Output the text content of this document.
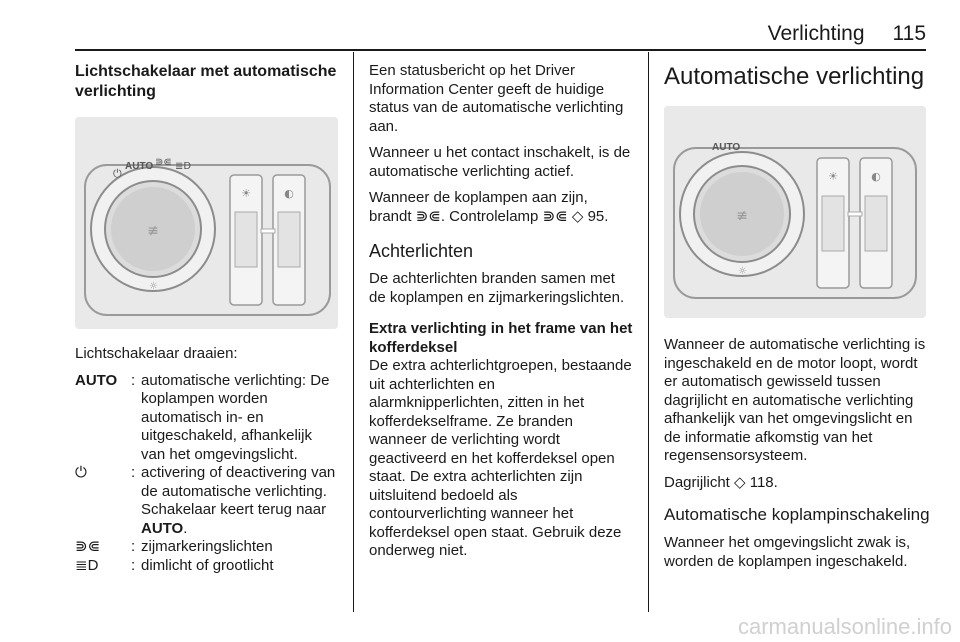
Verlichting 115
Lichtschakelaar met automatische verlichting
≢
⏻
AUTO ⋑⋐ ≣D
☼
☀	◐

Lichtschakelaar draaien:

AUTO : automatische verlichting: De koplampen worden automatisch in- en uitgeschakeld, afhankelijk van het omgevingslicht.
⏻	: activering of deactivering van de automatische verlichting. Schakelaar keert terug naar AUTO.
⋑⋐	: zijmarkeringslichten
≣D	: dimlicht of grootlicht

Een statusbericht op het Driver Information Center geeft de huidige status van de automatische verlichting aan.

Wanneer u het contact inschakelt, is de automatische verlichting actief.

Wanneer de koplampen aan zijn, brandt ⋑⋐. Controlelamp ⋑⋐ ◇ 95.

Achterlichten

De achterlichten branden samen met de koplampen en zijmarkeringslichten.

Extra verlichting in het frame van het kofferdeksel

De extra achterlichtgroepen, bestaande uit achterlichten en alarmknipperlichten, zitten in het kofferdekselframe. Ze branden wanneer de verlichting wordt geactiveerd en het kofferdeksel open staat. De extra achterlichten zijn uitsluitend bedoeld als contourverlichting wanneer het kofferdeksel open staat. Gebruik deze onderweg niet.

Automatische verlichting
≢
AUTO
☼
☀	◐

Wanneer de automatische verlichting is ingeschakeld en de motor loopt, wordt er automatisch gewisseld tussen dagrijlicht en automatische verlichting afhankelijk van het omgevingslicht en de informatie afkomstig van het regensensorsysteem.

Dagrijlicht ◇ 118.

Automatische koplampinschakeling

Wanneer het omgevingslicht zwak is, worden de koplampen ingeschakeld.

carmanualsonline.info
